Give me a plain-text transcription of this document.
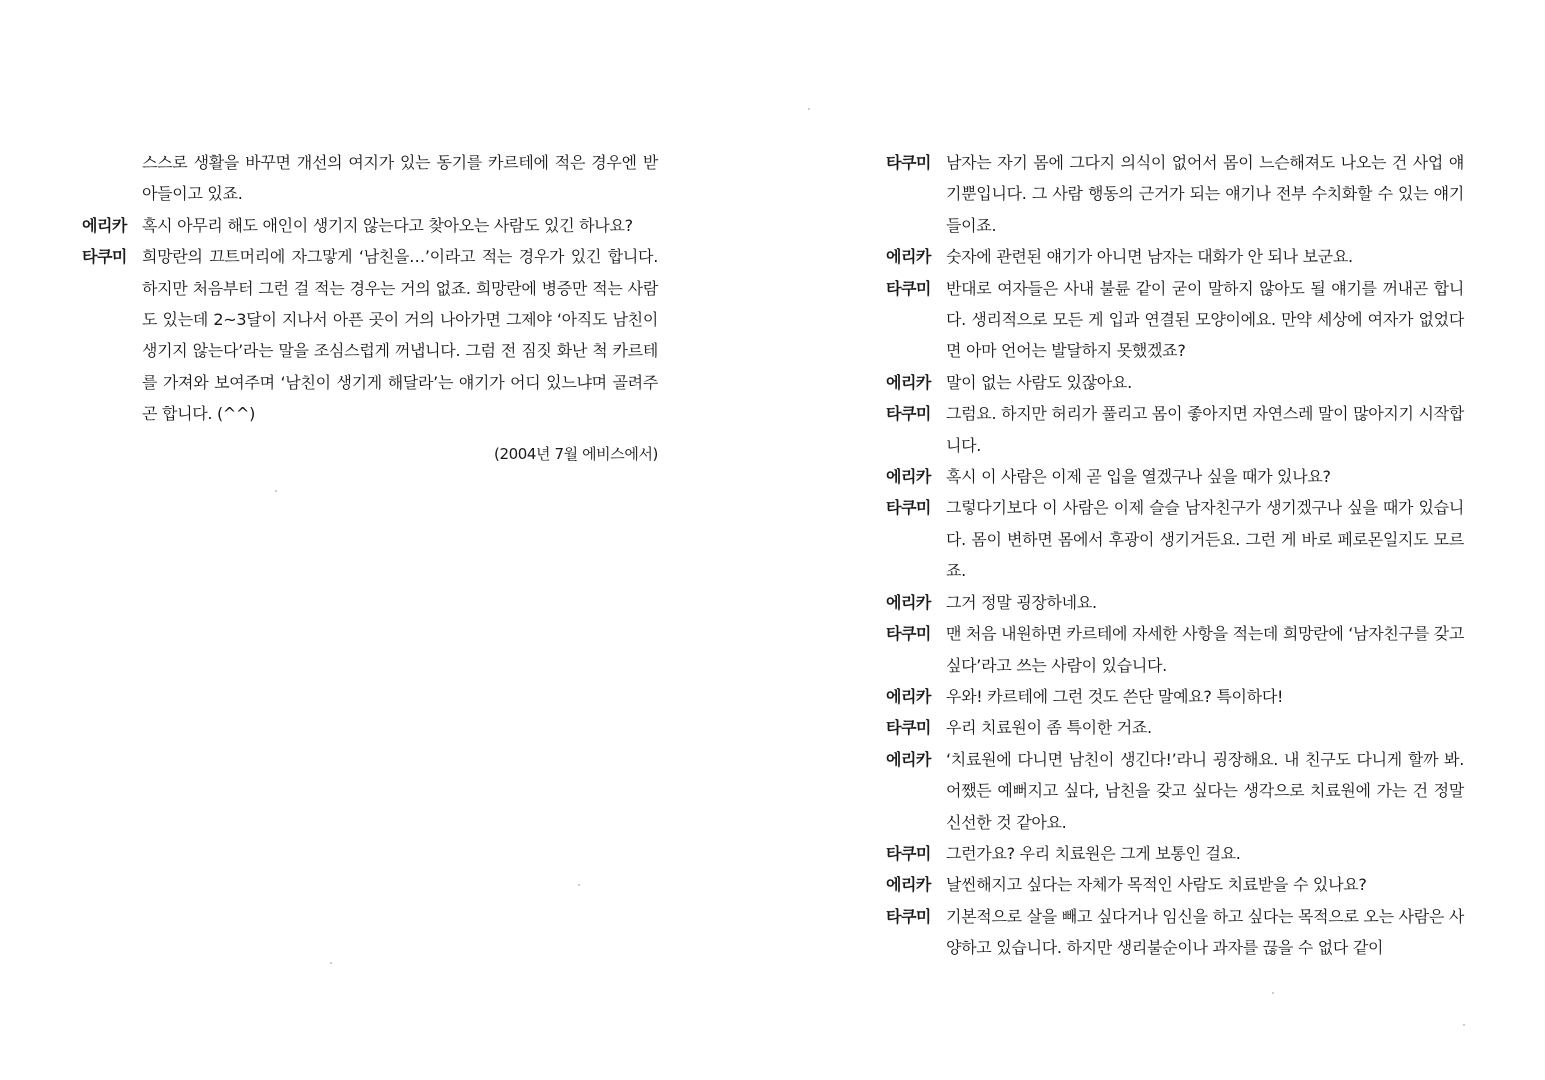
스스로 생활을 바꾸면 개선의 여지가 있는 동기를 카르테에 적은 경우엔 받아들이고 있죠.
에리카 혹시 아무리 해도 애인이 생기지 않는다고 찾아오는 사람도 있긴 하나요?
타쿠미 희망란의 끄트머리에 자그맣게 ‘남친을…’이라고 적는 경우가 있긴 합니다. 하지만 처음부터 그런 걸 적는 경우는 거의 없죠. 희망란에 병증만 적는 사람도 있는데 2~3달이 지나서 아픈 곳이 거의 나아가면 그제야 ‘아직도 남친이 생기지 않는다’라는 말을 조심스럽게 꺼냅니다. 그럼 전 짐짓 화난 척 카르테를 가져와 보여주며 ‘남친이 생기게 해달라’는 얘기가 어디 있느냐며 골려주곤 합니다. (^^)
(2004년 7월 에비스에서)
타쿠미 남자는 자기 몸에 그다지 의식이 없어서 몸이 느슨해져도 나오는 건 사업 얘기뿐입니다. 그 사람 행동의 근거가 되는 얘기나 전부 수치화할 수 있는 얘기들이죠.
에리카 숫자에 관련된 얘기가 아니면 남자는 대화가 안 되나 보군요.
타쿠미 반대로 여자들은 사내 불륜 같이 굳이 말하지 않아도 될 얘기를 꺼내곤 합니다. 생리적으로 모든 게 입과 연결된 모양이에요. 만약 세상에 여자가 없었다면 아마 언어는 발달하지 못했겠죠?
에리카 말이 없는 사람도 있잖아요.
타쿠미 그럼요. 하지만 허리가 풀리고 몸이 좋아지면 자연스레 말이 많아지기 시작합니다.
에리카 혹시 이 사람은 이제 곧 입을 열겠구나 싶을 때가 있나요?
타쿠미 그렇다기보다 이 사람은 이제 슬슬 남자친구가 생기겠구나 싶을 때가 있습니다. 몸이 변하면 몸에서 후광이 생기거든요. 그런 게 바로 페로몬일지도 모르죠.
에리카 그거 정말 굉장하네요.
타쿠미 맨 처음 내원하면 카르테에 자세한 사항을 적는데 희망란에 ‘남자친구를 갖고 싶다’라고 쓰는 사람이 있습니다.
에리카 우와! 카르테에 그런 것도 쓴단 말예요? 특이하다!
타쿠미 우리 치료원이 좀 특이한 거죠.
에리카 ‘치료원에 다니면 남친이 생긴다!’라니 굉장해요. 내 친구도 다니게 할까 봐. 어쨌든 예뻐지고 싶다, 남친을 갖고 싶다는 생각으로 치료원에 가는 건 정말 신선한 것 같아요.
타쿠미 그런가요? 우리 치료원은 그게 보통인 걸요.
에리카 날씬해지고 싶다는 자체가 목적인 사람도 치료받을 수 있나요?
타쿠미 기본적으로 살을 빼고 싶다거나 임신을 하고 싶다는 목적으로 오는 사람은 사양하고 있습니다. 하지만 생리불순이나 과자를 끊을 수 없다 같이
